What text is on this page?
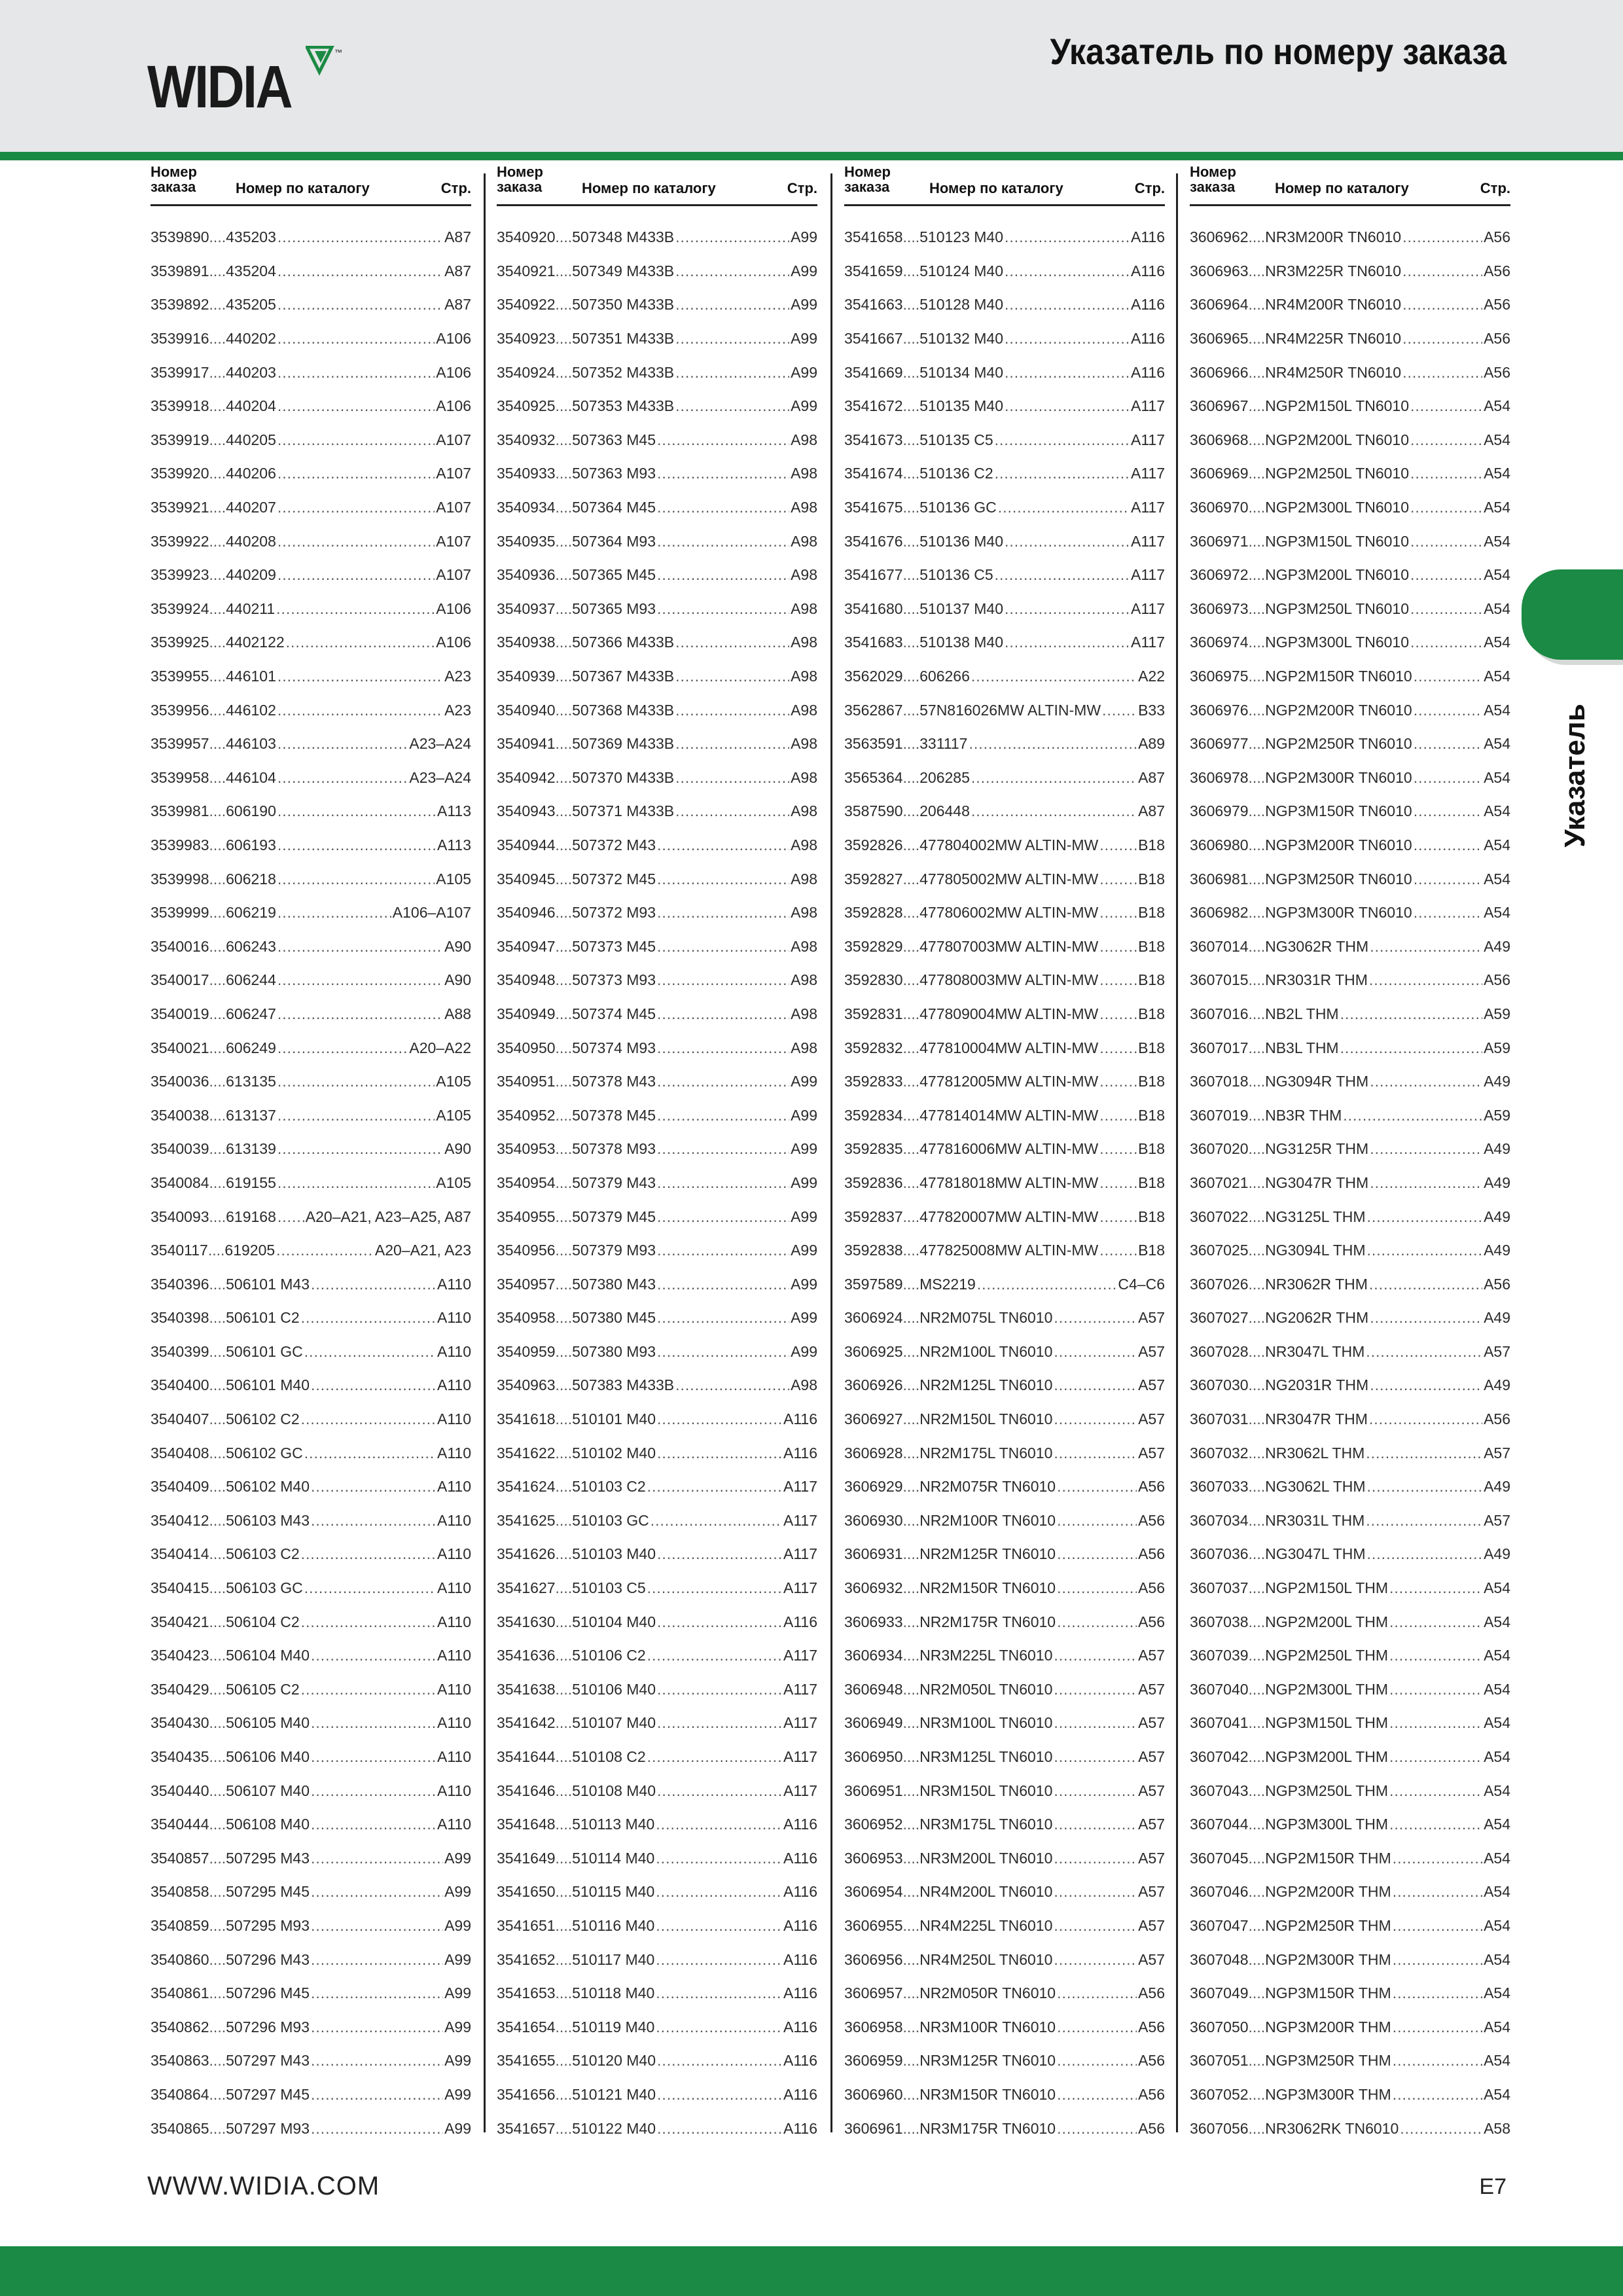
WIDIA
™	Указатель по номеру заказа
Указатель
Номер заказа	Номер по каталогу	Стр.
3539890 .... 435203 .....	A87
3539891 .... 435204 .....	A87
3539892 .... 435205 .....	A87
3539916 .... 440202 .....	A106
3539917 .... 440203 .....	A106
3539918 .... 440204 .....	A106
3539919 .... 440205 .....	A107
3539920 .... 440206 .....	A107
3539921 .... 440207 .....	A107
3539922 .... 440208 .....	A107
3539923 .... 440209 .....	A107
3539924 .... 440211 .....	A106
3539925 .... 4402122 .....	A106
3539955 .... 446101 .....	A23
3539956 .... 446102 .....	A23
3539957 .... 446103 .....	A23–A24
3539958 .... 446104 .....	A23–A24
3539981 .... 606190 .....	A113
3539983 .... 606193 .....	A113
3539998 .... 606218 .....	A105
3539999 .... 606219 .....	A106–A107
3540016 .... 606243 .....	A90
3540017 .... 606244 .....	A90
3540019 .... 606247 .....	A88
3540021 .... 606249 .....	A20–A22
3540036 .... 613135 .....	A105
3540038 .... 613137 .....	A105
3540039 .... 613139 .....	A90
3540084 .... 619155 .....	A105
3540093 .... 619168 ..... A20–A21, A23–A25, A87
3540117 .... 619205 .....	A20–A21, A23
3540396 .... 506101 M43 .....	A110
3540398 .... 506101 C2 .....	A110
3540399 .... 506101 GC .....	A110
3540400 .... 506101 M40 .....	A110
3540407 .... 506102 C2 .....	A110
3540408 .... 506102 GC .....	A110
3540409 .... 506102 M40 .....	A110
3540412 .... 506103 M43 .....	A110
3540414 .... 506103 C2 .....	A110
3540415 .... 506103 GC .....	A110
3540421 .... 506104 C2 .....	A110
3540423 .... 506104 M40 .....	A110
3540429 .... 506105 C2 .....	A110
3540430 .... 506105 M40 .....	A110
3540435 .... 506106 M40 .....	A110
3540440 .... 506107 M40 .....	A110
3540444 .... 506108 M40 .....	A110
3540857 .... 507295 M43 .....	A99
3540858 .... 507295 M45 .....	A99
3540859 .... 507295 M93 .....	A99
3540860 .... 507296 M43 .....	A99
3540861 .... 507296 M45 .....	A99
3540862 .... 507296 M93 .....	A99
3540863 .... 507297 M43 .....	A99
3540864 .... 507297 M45 .....	A99
3540865 .... 507297 M93 .....	A99
Номер заказа	Номер по каталогу	Стр.
3540920 .... 507348 M433B .....	A99
3540921 .... 507349 M433B .....	A99
3540922 .... 507350 M433B .....	A99
3540923 .... 507351 M433B .....	A99
3540924 .... 507352 M433B .....	A99
3540925 .... 507353 M433B .....	A99
3540932 .... 507363 M45 .....	A98
3540933 .... 507363 M93 .....	A98
3540934 .... 507364 M45 .....	A98
3540935 .... 507364 M93 .....	A98
3540936 .... 507365 M45 .....	A98
3540937 .... 507365 M93 .....	A98
3540938 .... 507366 M433B .....	A98
3540939 .... 507367 M433B .....	A98
3540940 .... 507368 M433B .....	A98
3540941 .... 507369 M433B .....	A98
3540942 .... 507370 M433B .....	A98
3540943 .... 507371 M433B .....	A98
3540944 .... 507372 M43 .....	A98
3540945 .... 507372 M45 .....	A98
3540946 .... 507372 M93 .....	A98
3540947 .... 507373 M45 .....	A98
3540948 .... 507373 M93 .....	A98
3540949 .... 507374 M45 .....	A98
3540950 .... 507374 M93 .....	A98
3540951 .... 507378 M43 .....	A99
3540952 .... 507378 M45 .....	A99
3540953 .... 507378 M93 .....	A99
3540954 .... 507379 M43 .....	A99
3540955 .... 507379 M45 .....	A99
3540956 .... 507379 M93 .....	A99
3540957 .... 507380 M43 .....	A99
3540958 .... 507380 M45 .....	A99
3540959 .... 507380 M93 .....	A99
3540963 .... 507383 M433B .....	A98
3541618 .... 510101 M40 .....	A116
3541622 .... 510102 M40 .....	A116
3541624 .... 510103 C2 .....	A117
3541625 .... 510103 GC .....	A117
3541626 .... 510103 M40 .....	A117
3541627 .... 510103 C5 .....	A117
3541630 .... 510104 M40 .....	A116
3541636 .... 510106 C2 .....	A117
3541638 .... 510106 M40 .....	A117
3541642 .... 510107 M40 .....	A117
3541644 .... 510108 C2 .....	A117
3541646 .... 510108 M40 .....	A117
3541648 .... 510113 M40 .....	A116
3541649 .... 510114 M40 .....	A116
3541650 .... 510115 M40 .....	A116
3541651 .... 510116 M40 .....	A116
3541652 .... 510117 M40 .....	A116
3541653 .... 510118 M40 .....	A116
3541654 .... 510119 M40 .....	A116
3541655 .... 510120 M40 .....	A116
3541656 .... 510121 M40 .....	A116
3541657 .... 510122 M40 .....	A116
Номер заказа	Номер по каталогу	Стр.
3541658 .... 510123 M40 .....	A116
3541659 .... 510124 M40 .....	A116
3541663 .... 510128 M40 .....	A116
3541667 .... 510132 M40 .....	A116
3541669 .... 510134 M40 .....	A116
3541672 .... 510135 M40 .....	A117
3541673 .... 510135 C5 .....	A117
3541674 .... 510136 C2 .....	A117
3541675 .... 510136 GC .....	A117
3541676 .... 510136 M40 .....	A117
3541677 .... 510136 C5 .....	A117
3541680 .... 510137 M40 .....	A117
3541683 .... 510138 M40 .....	A117
3562029 .... 606266 .....	A22
3562867 .... 57N816026MW ALTIN-MW ..... B33
3563591 .... 331117 .....	A89
3565364 .... 206285 .....	A87
3587590 .... 206448 .....	A87
3592826 .... 477804002MW ALTIN-MW .....	B18
3592827 .... 477805002MW ALTIN-MW .....	B18
3592828 .... 477806002MW ALTIN-MW .....	B18
3592829 .... 477807003MW ALTIN-MW .....	B18
3592830 .... 477808003MW ALTIN-MW .....	B18
3592831 .... 477809004MW ALTIN-MW .....	B18
3592832 .... 477810004MW ALTIN-MW .....	B18
3592833 .... 477812005MW ALTIN-MW .....	B18
3592834 .... 477814014MW ALTIN-MW .....	B18
3592835 .... 477816006MW ALTIN-MW .....	B18
3592836 .... 477818018MW ALTIN-MW .....	B18
3592837 .... 477820007MW ALTIN-MW .....	B18
3592838 .... 477825008MW ALTIN-MW .....	B18
3597589 .... MS2219 .....	C4–C6
3606924 .... NR2M075L TN6010 .....	A57
3606925 .... NR2M100L TN6010 .....	A57
3606926 .... NR2M125L TN6010 .....	A57
3606927 .... NR2M150L TN6010 .....	A57
3606928 .... NR2M175L TN6010 .....	A57
3606929 .... NR2M075R TN6010 .....	A56
3606930 .... NR2M100R TN6010 .....	A56
3606931 .... NR2M125R TN6010 .....	A56
3606932 .... NR2M150R TN6010 .....	A56
3606933 .... NR2M175R TN6010 .....	A56
3606934 .... NR3M225L TN6010 .....	A57
3606948 .... NR2M050L TN6010 .....	A57
3606949 .... NR3M100L TN6010 .....	A57
3606950 .... NR3M125L TN6010 .....	A57
3606951 .... NR3M150L TN6010 .....	A57
3606952 .... NR3M175L TN6010 .....	A57
3606953 .... NR3M200L TN6010 .....	A57
3606954 .... NR4M200L TN6010 .....	A57
3606955 .... NR4M225L TN6010 .....	A57
3606956 .... NR4M250L TN6010 .....	A57
3606957 .... NR2M050R TN6010 .....	A56
3606958 .... NR3M100R TN6010 .....	A56
3606959 .... NR3M125R TN6010 .....	A56
3606960 .... NR3M150R TN6010 .....	A56
3606961 .... NR3M175R TN6010 .....	A56
Номер заказа	Номер по каталогу	Стр.
3606962 .... NR3M200R TN6010 .....	A56
3606963 .... NR3M225R TN6010 .....	A56
3606964 .... NR4M200R TN6010 .....	A56
3606965 .... NR4M225R TN6010 .....	A56
3606966 .... NR4M250R TN6010 .....	A56
3606967 .... NGP2M150L TN6010 .....	A54
3606968 .... NGP2M200L TN6010 .....	A54
3606969 .... NGP2M250L TN6010 .....	A54
3606970 .... NGP2M300L TN6010 .....	A54
3606971 .... NGP3M150L TN6010 .....	A54
3606972 .... NGP3M200L TN6010 .....	A54
3606973 .... NGP3M250L TN6010 .....	A54
3606974 .... NGP3M300L TN6010 .....	A54
3606975 .... NGP2M150R TN6010 .....	A54
3606976 .... NGP2M200R TN6010 .....	A54
3606977 .... NGP2M250R TN6010 .....	A54
3606978 .... NGP2M300R TN6010 .....	A54
3606979 .... NGP3M150R TN6010 .....	A54
3606980 .... NGP3M200R TN6010 .....	A54
3606981 .... NGP3M250R TN6010 .....	A54
3606982 .... NGP3M300R TN6010 .....	A54
3607014 .... NG3062R THM .....	A49
3607015 .... NR3031R THM .....	A56
3607016 .... NB2L THM .....	A59
3607017 .... NB3L THM .....	A59
3607018 .... NG3094R THM .....	A49
3607019 .... NB3R THM .....	A59
3607020 .... NG3125R THM .....	A49
3607021 .... NG3047R THM .....	A49
3607022 .... NG3125L THM .....	A49
3607025 .... NG3094L THM .....	A49
3607026 .... NR3062R THM .....	A56
3607027 .... NG2062R THM .....	A49
3607028 .... NR3047L THM .....	A57
3607030 .... NG2031R THM .....	A49
3607031 .... NR3047R THM .....	A56
3607032 .... NR3062L THM .....	A57
3607033 .... NG3062L THM .....	A49
3607034 .... NR3031L THM .....	A57
3607036 .... NG3047L THM .....	A49
3607037 .... NGP2M150L THM .....	A54
3607038 .... NGP2M200L THM .....	A54
3607039 .... NGP2M250L THM .....	A54
3607040 .... NGP2M300L THM .....	A54
3607041 .... NGP3M150L THM .....	A54
3607042 .... NGP3M200L THM .....	A54
3607043 .... NGP3M250L THM .....	A54
3607044 .... NGP3M300L THM .....	A54
3607045 .... NGP2M150R THM .....	A54
3607046 .... NGP2M200R THM .....	A54
3607047 .... NGP2M250R THM .....	A54
3607048 .... NGP2M300R THM .....	A54
3607049 .... NGP3M150R THM .....	A54
3607050 .... NGP3M200R THM .....	A54
3607051 .... NGP3M250R THM .....	A54
3607052 .... NGP3M300R THM .....	A54
3607056 .... NR3062RK TN6010 .....	A58
WWW.WIDIA.COM	E7
